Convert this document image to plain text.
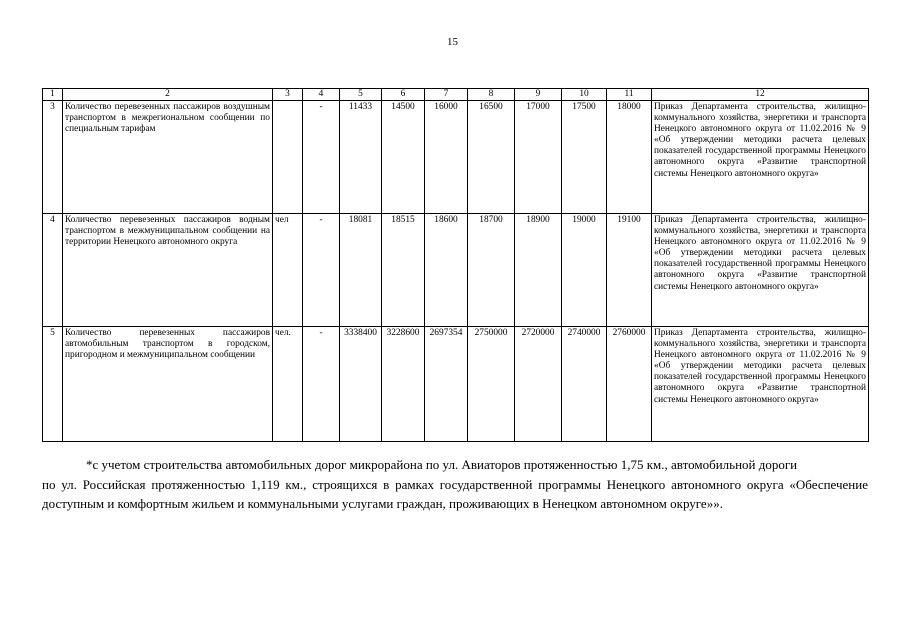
15
1	2	3	4	5	6	7	8	9	10	11	12
3	Количество перевезенных пассажиров воздушным транспортом в межрегиональном сообщении по специальным тарифам		-	11433	14500	16000	16500	17000	17500	18000	Приказ Департамента строительства, жилищно-коммунального хозяйства, энергетики и транспорта Ненецкого автономного округа от 11.02.2016 № 9 «Об утверждении методики расчета целевых показателей государственной программы Ненецкого автономного округа «Развитие транспортной системы Ненецкого автономного округа»
4	Количество перевезенных пассажиров водным транспортом в межмуниципальном сообщении на территории Ненецкого автономного округа	чел	-	18081	18515	18600	18700	18900	19000	19100	Приказ Департамента строительства, жилищно-коммунального хозяйства, энергетики и транспорта Ненецкого автономного округа от 11.02.2016 № 9 «Об утверждении методики расчета целевых показателей государственной программы Ненецкого автономного округа «Развитие транспортной системы Ненецкого автономного округа»
5	Количество перевезенных пассажиров автомобильным транспортом в городском, пригородном и межмуниципальном сообщении	чел.	-	3338400	3228600	2697354	2750000	2720000	2740000	2760000	Приказ Департамента строительства, жилищно-коммунального хозяйства, энергетики и транспорта Ненецкого автономного округа от 11.02.2016 № 9 «Об утверждении методики расчета целевых показателей государственной программы Ненецкого автономного округа «Развитие транспортной системы Ненецкого автономного округа»
*с учетом строительства автомобильных дорог микрорайона по ул. Авиаторов протяженностью 1,75 км., автомобильной дороги
по ул. Российская протяженностью 1,119 км., строящихся в рамках государственной программы Ненецкого автономного округа «Обеспечение доступным и комфортным жильем и коммунальными услугами граждан, проживающих в Ненецком автономном округе»».
